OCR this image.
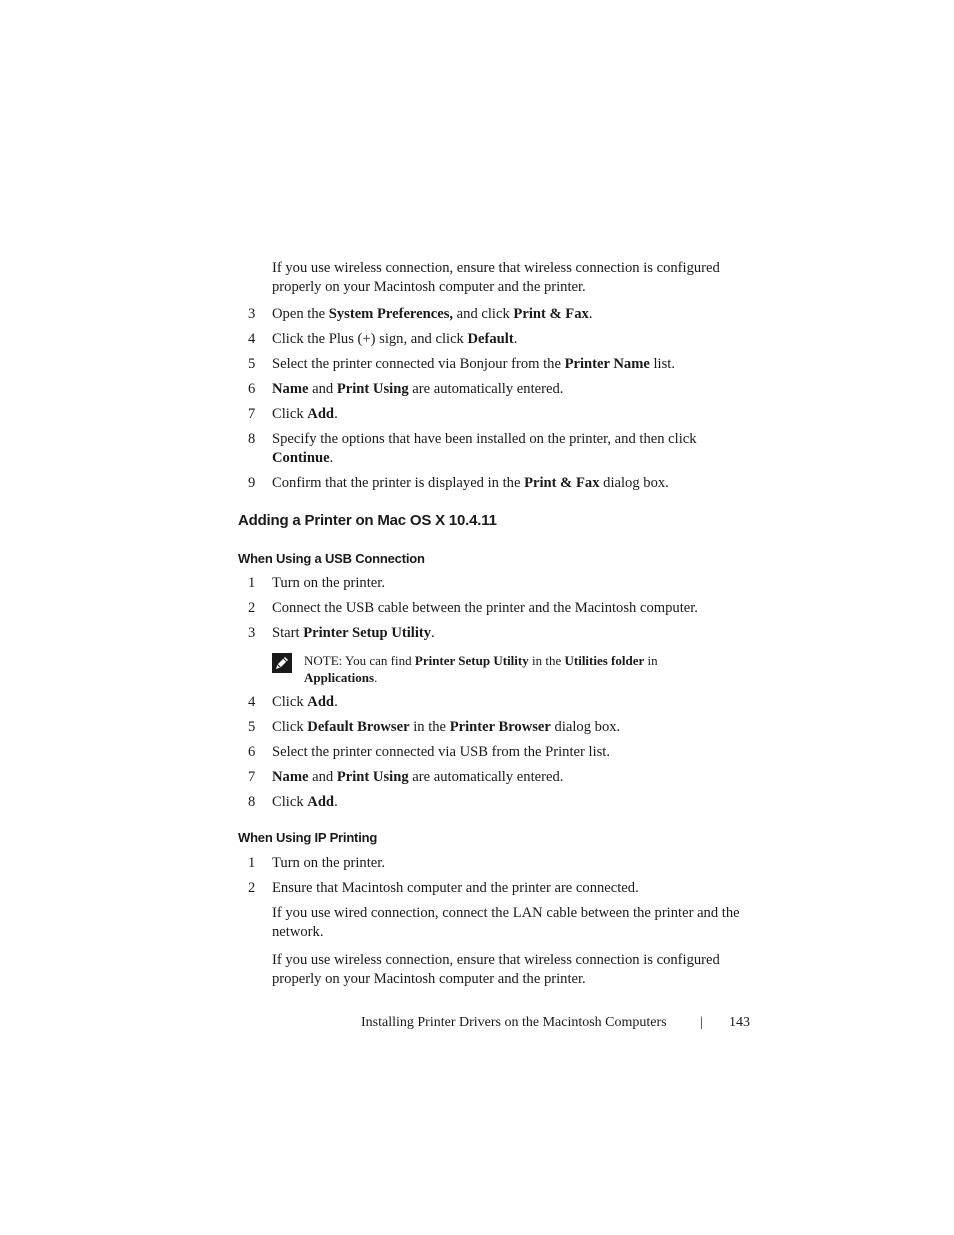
If you use wireless connection, ensure that wireless connection is configured properly on your Macintosh computer and the printer.
3	Open the System Preferences, and click Print & Fax.
4	Click the Plus (+) sign, and click Default.
5	Select the printer connected via Bonjour from the Printer Name list.
6	Name and Print Using are automatically entered.
7	Click Add.
8	Specify the options that have been installed on the printer, and then click Continue.
9	Confirm that the printer is displayed in the Print & Fax dialog box.
Adding a Printer on Mac OS X 10.4.11
When Using a USB Connection
1	Turn on the printer.
2	Connect the USB cable between the printer and the Macintosh computer.
3	Start Printer Setup Utility.
NOTE: You can find Printer Setup Utility in the Utilities folder in Applications.
4	Click Add.
5	Click Default Browser in the Printer Browser dialog box.
6	Select the printer connected via USB from the Printer list.
7	Name and Print Using are automatically entered.
8	Click Add.
When Using IP Printing
1	Turn on the printer.
2	Ensure that Macintosh computer and the printer are connected.
If you use wired connection, connect the LAN cable between the printer and the network.
If you use wireless connection, ensure that wireless connection is configured properly on your Macintosh computer and the printer.
Installing Printer Drivers on the Macintosh Computers | 143
